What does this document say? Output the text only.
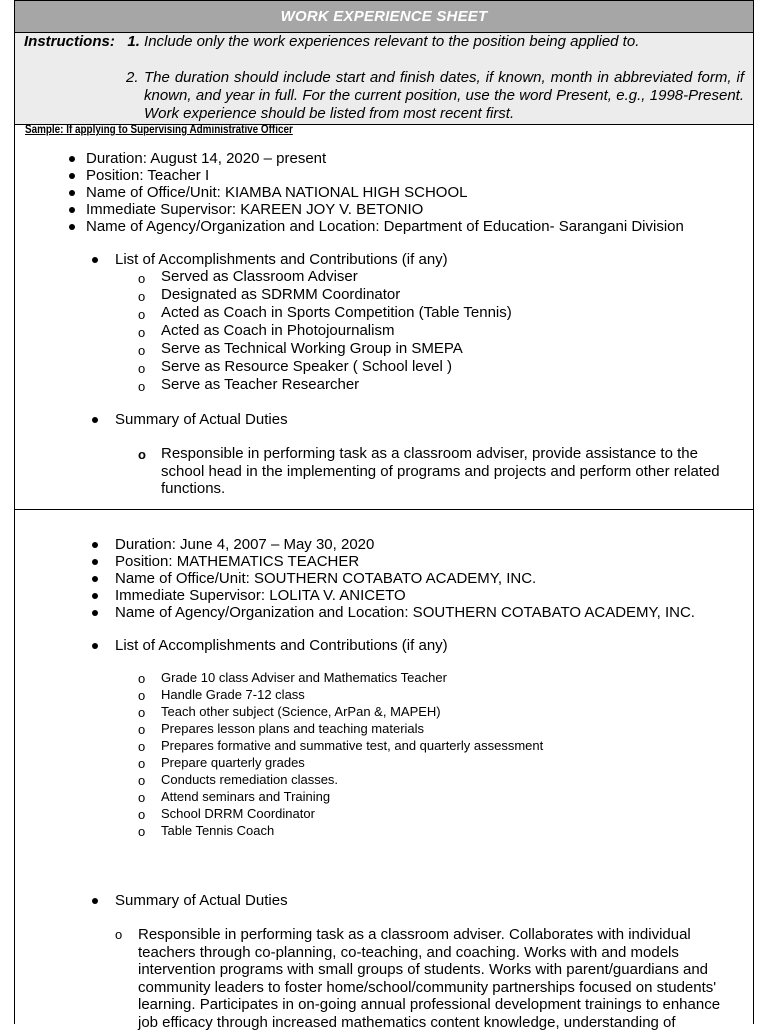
WORK EXPERIENCE SHEET
Instructions: 1. Include only the work experiences relevant to the position being applied to.
2. The duration should include start and finish dates, if known, month in abbreviated form, if known, and year in full. For the current position, use the word Present, e.g., 1998-Present. Work experience should be listed from most recent first.
Sample: If applying to Supervising Administrative Officer
Duration: August 14, 2020 – present
Position: Teacher I
Name of Office/Unit: KIAMBA NATIONAL HIGH SCHOOL
Immediate Supervisor: KAREEN JOY V. BETONIO
Name of Agency/Organization and Location: Department of Education- Sarangani Division
List of Accomplishments and Contributions (if any)
o Served as Classroom Adviser
o Designated as SDRMM Coordinator
o Acted as Coach in Sports Competition (Table Tennis)
o Acted as Coach in Photojournalism
o Serve as Technical Working Group in SMEPA
o Serve as Resource Speaker ( School level )
o Serve as Teacher Researcher
Summary of Actual Duties
o Responsible in performing task as a classroom adviser, provide assistance to the school head in the implementing of programs and projects and perform other related functions.
Duration: June 4, 2007 – May 30, 2020
Position: MATHEMATICS TEACHER
Name of Office/Unit: SOUTHERN COTABATO ACADEMY, INC.
Immediate Supervisor: LOLITA V. ANICETO
Name of Agency/Organization and Location: SOUTHERN COTABATO ACADEMY, INC.
List of Accomplishments and Contributions (if any)
o Grade 10 class Adviser and Mathematics Teacher
o Handle Grade 7-12 class
o Teach other subject (Science, ArPan &, MAPEH)
o Prepares lesson plans and teaching materials
o Prepares formative and summative test, and quarterly assessment
o Prepare quarterly grades
o Conducts remediation classes.
o Attend seminars and Training
o School DRRM Coordinator
o Table Tennis Coach
Summary of Actual Duties
o Responsible in performing task as a classroom adviser. Collaborates with individual teachers through co-planning, co-teaching, and coaching. Works with and models intervention programs with small groups of students. Works with parent/guardians and community leaders to foster home/school/community partnerships focused on students' learning. Participates in on-going annual professional development trainings to enhance job efficacy through increased mathematics content knowledge, understanding of
